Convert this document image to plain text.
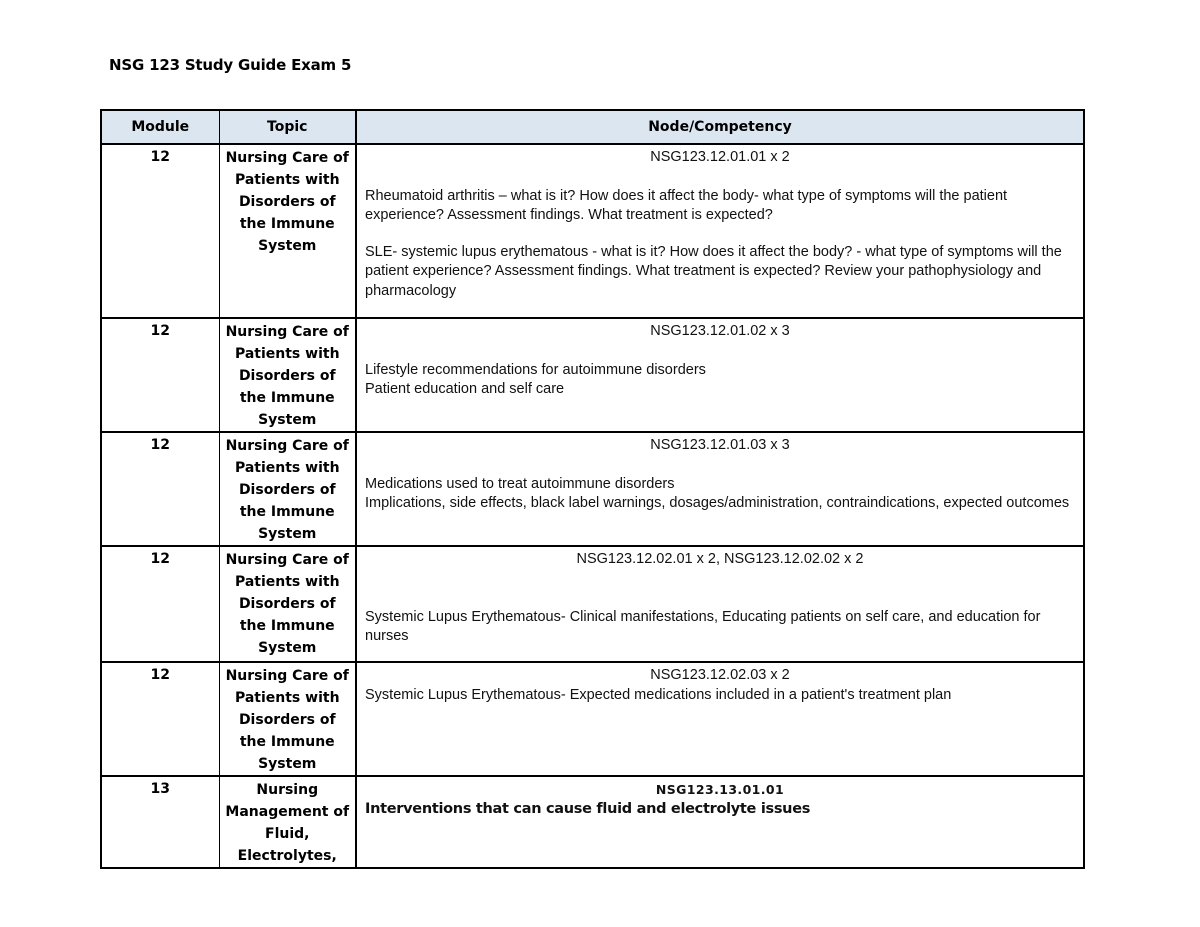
NSG 123 Study Guide Exam 5
Module	Topic	Node/Competency
12	Nursing Care of Patients with Disorders of the Immune System	NSG123.12.01.01 x 2
Rheumatoid arthritis – what is it? How does it affect the body- what type of symptoms will the patient experience? Assessment findings. What treatment is expected?
SLE- systemic lupus erythematous - what is it? How does it affect the body? - what type of symptoms will the patient experience? Assessment findings. What treatment is expected? Review your pathophysiology and pharmacology

12	Nursing Care of Patients with Disorders of the Immune System	NSG123.12.01.02 x 3
Lifestyle recommendations for autoimmune disorders
Patient education and self care

12	Nursing Care of Patients with Disorders of the Immune System	NSG123.12.01.03 x 3
Medications used to treat autoimmune disorders
Implications, side effects, black label warnings, dosages/administration, contraindications, expected outcomes

12	Nursing Care of Patients with Disorders of the Immune System	NSG123.12.02.01 x 2, NSG123.12.02.02 x 2
Systemic Lupus Erythematous- Clinical manifestations, Educating patients on self care, and education for nurses

12	Nursing Care of Patients with Disorders of the Immune System	NSG123.12.02.03 x 2
Systemic Lupus Erythematous- Expected medications included in a patient's treatment plan

13	Nursing Management of Fluid, Electrolytes,	NSG123.13.01.01
Interventions that can cause fluid and electrolyte issues
